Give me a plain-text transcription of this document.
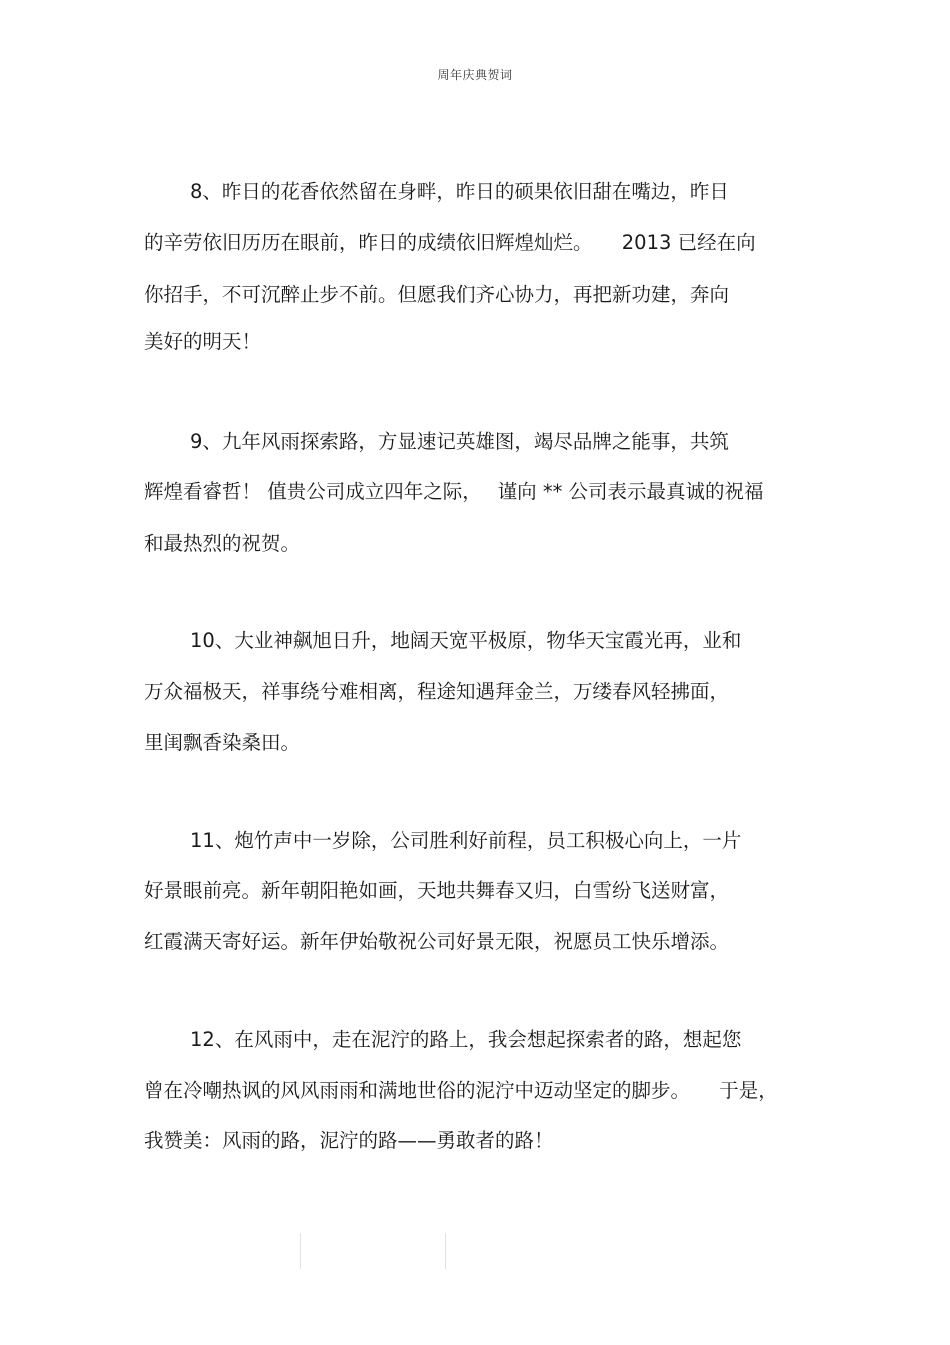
周年庆典贺词
8、昨日的花香依然留在身畔，昨日的硕果依旧甜在嘴边，昨日
的辛劳依旧历历在眼前，昨日的成绩依旧辉煌灿烂。　　2013 已经在向
你招手，不可沉醉止步不前。但愿我们齐心协力，再把新功建，奔向
美好的明天！
9、九年风雨探索路，方显速记英雄图，竭尽品牌之能事，共筑
辉煌看睿哲！ 值贵公司成立四年之际，　 谨向 ** 公司表示最真诚的祝福
和最热烈的祝贺。
10、大业神飙旭日升，地阔天宽平极原，物华天宝霞光再，业和
万众福极天，祥事绕兮难相离，程途知遇拜金兰，万缕春风轻拂面，
里闺飘香染桑田。
11、炮竹声中一岁除，公司胜利好前程，员工积极心向上，一片
好景眼前亮。新年朝阳艳如画，天地共舞春又归，白雪纷飞送财富，
红霞满天寄好运。新年伊始敬祝公司好景无限，祝愿员工快乐增添。
12、在风雨中，走在泥泞的路上，我会想起探索者的路，想起您
曾在冷嘲热讽的风风雨雨和满地世俗的泥泞中迈动坚定的脚步。　　于是，
我赞美：风雨的路，泥泞的路——勇敢者的路！
